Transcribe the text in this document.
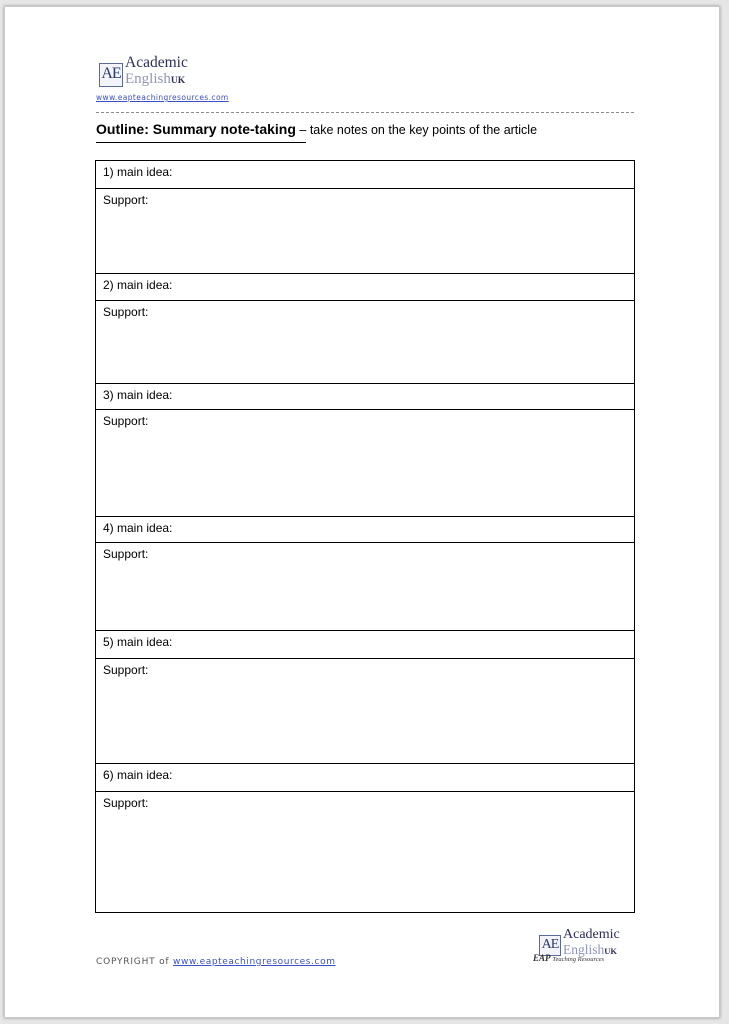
AE
Academic
EnglishUK
www.eapteachingresources.com
Outline: Summary note-taking – take notes on the key points of the article
1) main idea:
Support:
2) main idea:
Support:
3) main idea:
Support:
4) main idea:
Support:
5) main idea:
Support:
6) main idea:
Support:
AE
Academic
EnglishUK
EAP Teaching Resources
COPYRIGHT of www.eapteachingresources.com
